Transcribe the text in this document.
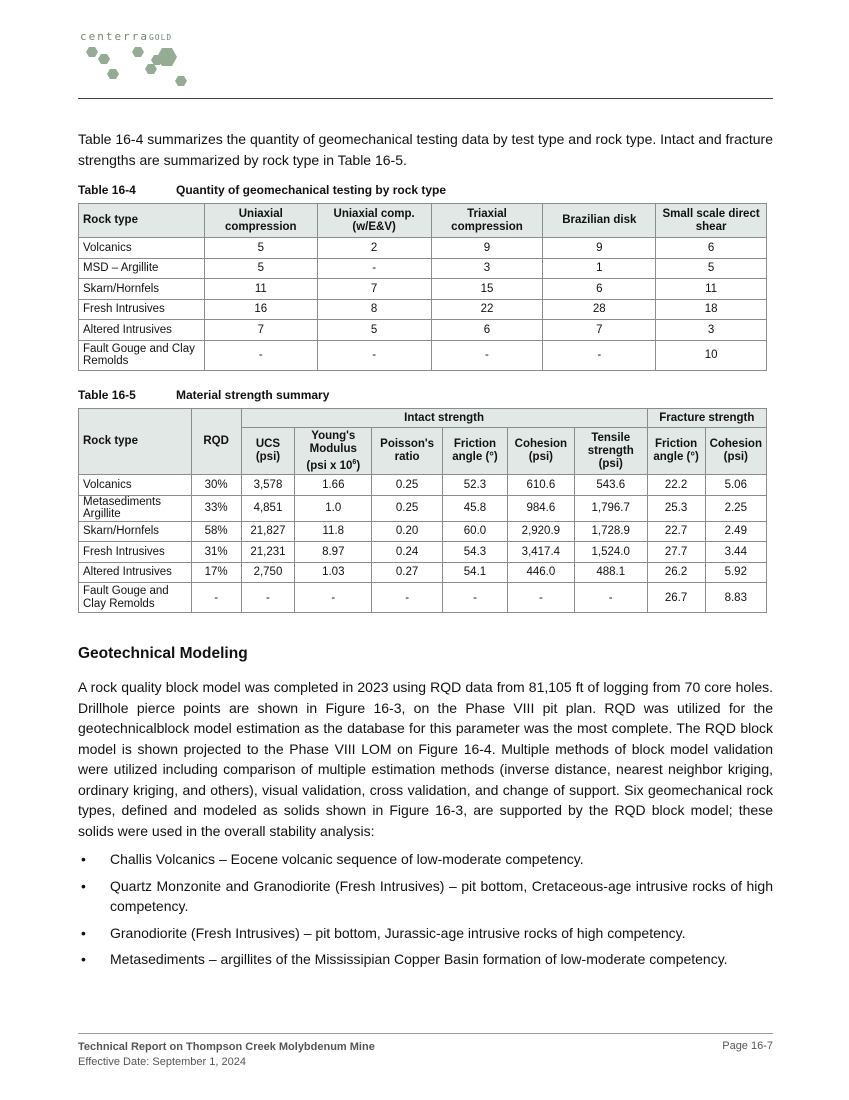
centerraGOLD

Table 16-4 summarizes the quantity of geomechanical testing data by test type and rock type. Intact and fracture strengths are summarized by rock type in Table 16-5.

Table 16-4	Quantity of geomechanical testing by rock type
Rock type	Uniaxial compression	Uniaxial comp. (w/E&V)	Triaxial compression	Brazilian disk	Small scale direct shear
Volcanics	5	2	9	9	6
MSD – Argillite	5	-	3	1	5
Skarn/Hornfels	11	7	15	6	11
Fresh Intrusives	16	8	22	28	18
Altered Intrusives	7	5	6	7	3
Fault Gouge and Clay Remolds	-	-	-	-	10
Table 16-5	Material strength summary
Rock type	RQD	Intact strength						Fracture strength	
		UCS (psi)	Young's Modulus (psi x $10^6$)	Poisson's ratio	Friction angle (°)	Cohesion (psi)	Tensile strength (psi)	Friction angle (°)	Cohesion (psi)
Volcanics	30%	3,578	1.66	0.25	52.3	610.6	543.6	22.2	5.06
Metasediments Argillite	33%	4,851	1.0	0.25	45.8	984.6	1,796.7	25.3	2.25
Skarn/Hornfels	58%	21,827	11.8	0.20	60.0	2,920.9	1,728.9	22.7	2.49
Fresh Intrusives	31%	21,231	8.97	0.24	54.3	3,417.4	1,524.0	27.7	3.44
Altered Intrusives	17%	2,750	1.03	0.27	54.1	446.0	488.1	26.2	5.92
Fault Gouge and Clay Remolds	-	-	-	-	-	-	-	26.7	8.83
Geotechnical Modeling

A rock quality block model was completed in 2023 using RQD data from 81,105 ft of logging from 70 core holes. Drillhole pierce points are shown in Figure 16-3, on the Phase VIII pit plan. RQD was utilized for the geotechnicalblock model estimation as the database for this parameter was the most complete. The RQD block model is shown projected to the Phase VIII LOM on Figure 16-4. Multiple methods of block model validation were utilized including comparison of multiple estimation methods (inverse distance, nearest neighbor kriging, ordinary kriging, and others), visual validation, cross validation, and change of support. Six geomechanical rock types, defined and modeled as solids shown in Figure 16-3, are supported by the RQD block model; these solids were used in the overall stability analysis:

• Challis Volcanics – Eocene volcanic sequence of low-moderate competency.
• Quartz Monzonite and Granodiorite (Fresh Intrusives) – pit bottom, Cretaceous-age intrusive rocks of high competency.
• Granodiorite (Fresh Intrusives) – pit bottom, Jurassic-age intrusive rocks of high competency.
• Metasediments – argillites of the Mississipian Copper Basin formation of low-moderate competency.
Technical Report on Thompson Creek Molybdenum Mine
Effective Date: September 1, 2024
Page 16-7
